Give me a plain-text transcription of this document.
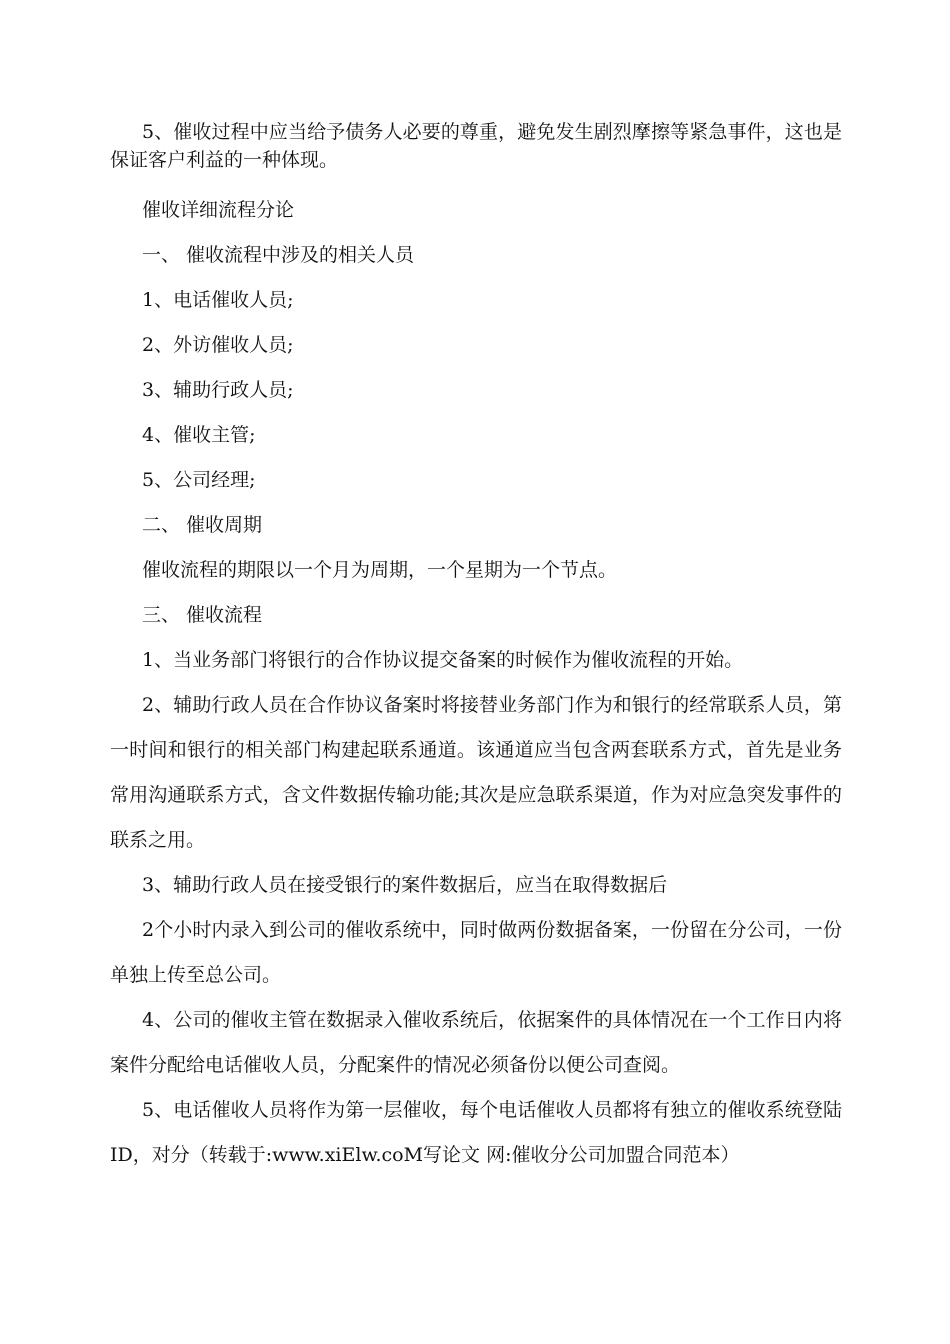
5、催收过程中应当给予债务人必要的尊重，避免发生剧烈摩擦等紧急事件，这也是保证客户利益的一种体现。

催收详细流程分论

一、 催收流程中涉及的相关人员

1、电话催收人员;

2、外访催收人员;

3、辅助行政人员;

4、催收主管;

5、公司经理;

二、 催收周期

催收流程的期限以一个月为周期，一个星期为一个节点。

三、 催收流程

1、当业务部门将银行的合作协议提交备案的时候作为催收流程的开始。

2、辅助行政人员在合作协议备案时将接替业务部门作为和银行的经常联系人员，第一时间和银行的相关部门构建起联系通道。该通道应当包含两套联系方式，首先是业务常用沟通联系方式，含文件数据传输功能;其次是应急联系渠道，作为对应急突发事件的联系之用。

3、辅助行政人员在接受银行的案件数据后，应当在取得数据后

2个小时内录入到公司的催收系统中，同时做两份数据备案，一份留在分公司，一份单独上传至总公司。

4、公司的催收主管在数据录入催收系统后，依据案件的具体情况在一个工作日内将案件分配给电话催收人员，分配案件的情况必须备份以便公司查阅。

5、电话催收人员将作为第一层催收，每个电话催收人员都将有独立的催收系统登陆ID，对分（转载于:www.xiElw.coM写论文 网:催收分公司加盟合同范本）
